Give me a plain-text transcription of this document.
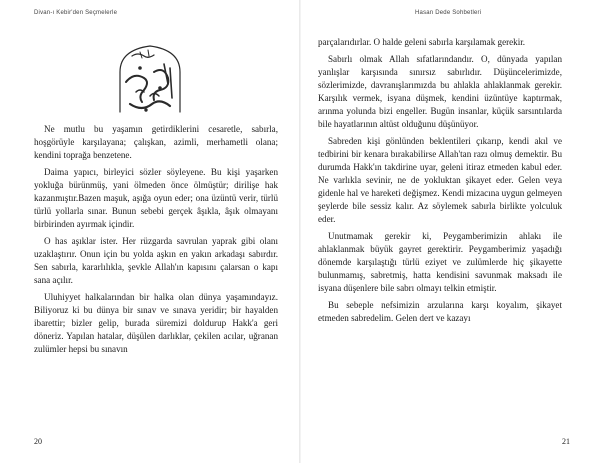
Divan-ı Kebir'den Seçmelerle

Ne mutlu bu yaşamın getirdiklerini cesaretle, sabırla, hoşgörüyle karşılayana; çalışkan, azimli, merhametli olana; kendini toprağa benzetene.

Daima yapıcı, birleyici sözler söyleyene. Bu kişi yaşarken yokluğa bürünmüş, yani ölmeden önce ölmüştür; dirilişe hak kazanmıştır.Bazen maşuk, aşığa oyun eder; ona üzüntü verir, türlü türlü yollarla sınar. Bunun sebebi gerçek âşıkla, âşık olmayanı birbirinden ayırmak içindir.

O has aşıklar ister. Her rüzgarda savrulan yaprak gibi olanı uzaklaştırır. Onun için bu yolda aşkın en yakın arkadaşı sabırdır. Sen sabırla, kararlılıkla, şevkle Allah'ın kapısını çalarsan o kapı sana açılır.

Uluhiyyet halkalarından bir halka olan dünya yaşamındayız. Biliyoruz ki bu dünya bir sınav ve sınava yeridir; bir hayalden ibarettir; bizler gelip, burada süremizi doldurup Hakk'a geri döneriz. Yapılan hatalar, düşülen darlıklar, çekilen acılar, uğranan zulümler hepsi bu sınavın

20

Hasan Dede Sohbetleri

parçalarıdırlar. O halde geleni sabırla karşılamak gerekir.

Sabırlı olmak Allah sıfatlarındandır. O, dünyada yapılan yanlışlar karşısında sınırsız sabırlıdır. Düşüncelerimizde, sözlerimizde, davranışlarımızda bu ahlakla ahlaklanmak gerekir. Karşılık vermek, isyana düşmek, kendini üzüntüye kaptırmak, arınma yolunda bizi engeller. Bugün insanlar, küçük sarsıntılarda bile hayatlarının altüst olduğunu düşünüyor.

Sabreden kişi gönlünden beklentileri çıkarıp, kendi akıl ve tedbirini bir kenara bırakabilirse Allah'tan razı olmuş demektir. Bu durumda Hakk'ın takdirine uyar, geleni itiraz etmeden kabul eder. Ne varlıkla sevinir, ne de yokluktan şikayet eder. Gelen veya gidenle hal ve hareketi değişmez. Kendi mizacına uygun gelmeyen şeylerde bile sessiz kalır. Az söylemek sabırla birlikte yolculuk eder.

Unutmamak gerekir ki, Peygamberimizin ahlakı ile ahlaklanmak büyük gayret gerektirir. Peygamberimiz yaşadığı dönemde karşılaştığı türlü eziyet ve zulümlerde hiç şikayette bulunmamış, sabretmiş, hatta kendisini savunmak maksadı ile isyana düşenlere bile sabrı olmayı telkin etmiştir.

Bu sebeple nefsimizin arzularına karşı koyalım, şikayet etmeden sabredelim. Gelen dert ve kazayı

21
